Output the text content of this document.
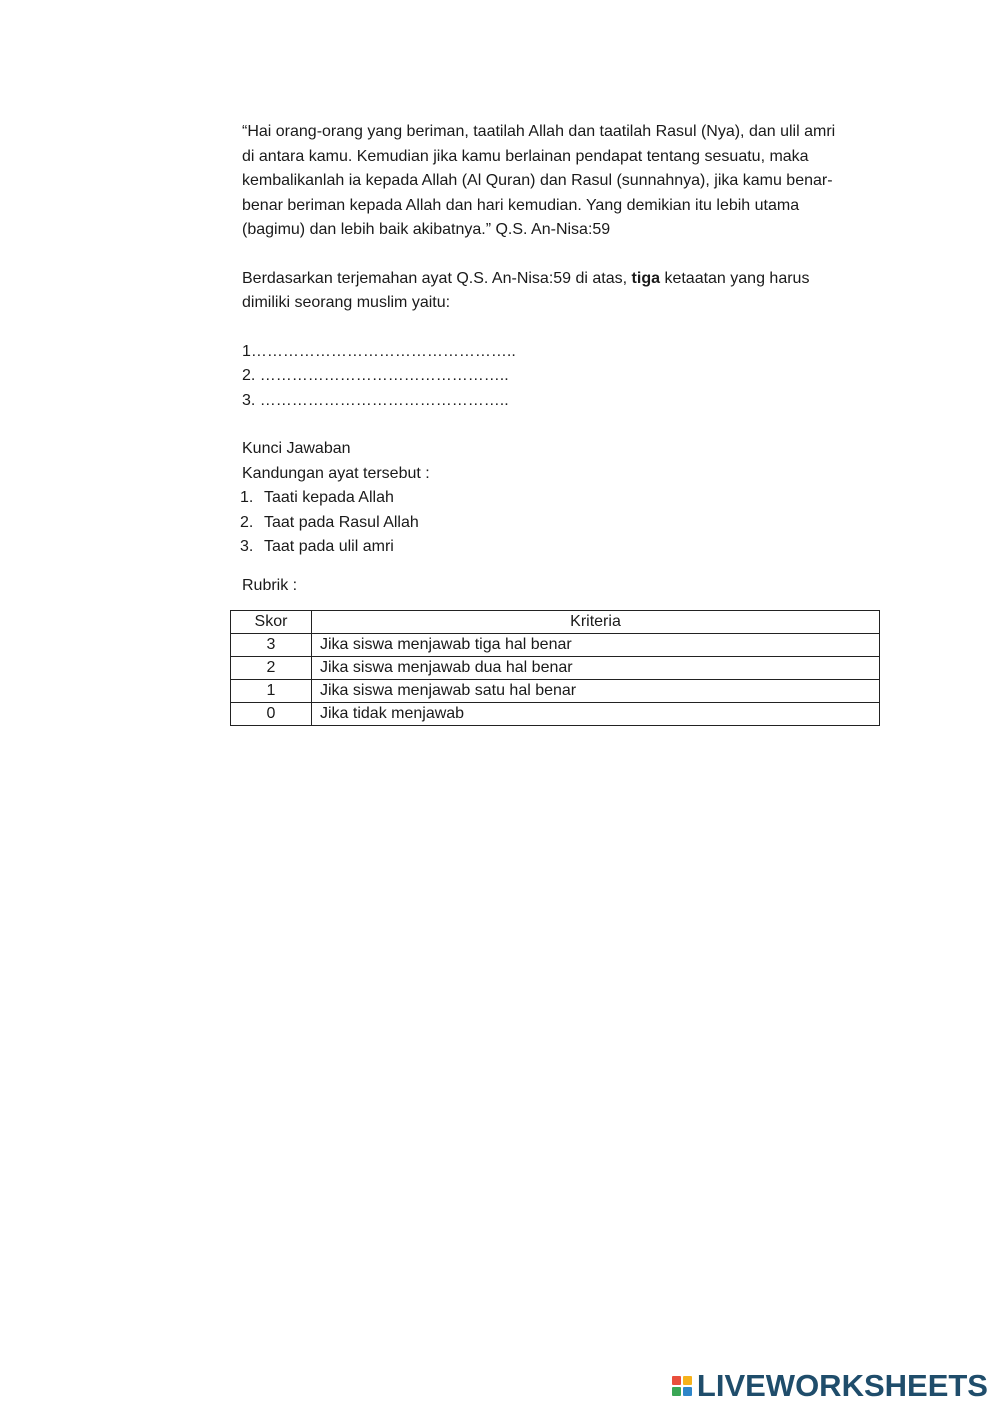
“Hai orang-orang yang beriman, taatilah Allah dan taatilah Rasul (Nya), dan ulil amri

di antara kamu. Kemudian jika kamu berlainan pendapat tentang sesuatu, maka

kembalikanlah ia kepada Allah (Al Quran) dan Rasul (sunnahnya), jika kamu benar-

benar beriman kepada Allah dan hari kemudian. Yang demikian itu lebih utama

(bagimu) dan lebih baik akibatnya.” Q.S. An-Nisa:59

Berdasarkan terjemahan ayat Q.S. An-Nisa:59 di atas, tiga ketaatan yang harus

dimiliki seorang muslim yaitu:

1…………………………………………..
2. ………………………………………..
3. ………………………………………..
Kunci Jawaban
Kandungan ayat tersebut :
1. Taati kepada Allah
2. Taat pada Rasul Allah
3. Taat pada ulil amri
Rubrik :
Skor	Kriteria
3	Jika siswa menjawab tiga hal benar
2	Jika siswa menjawab dua hal benar
1	Jika siswa menjawab satu hal benar
0	Jika tidak menjawab
LIVEWORKSHEETS
